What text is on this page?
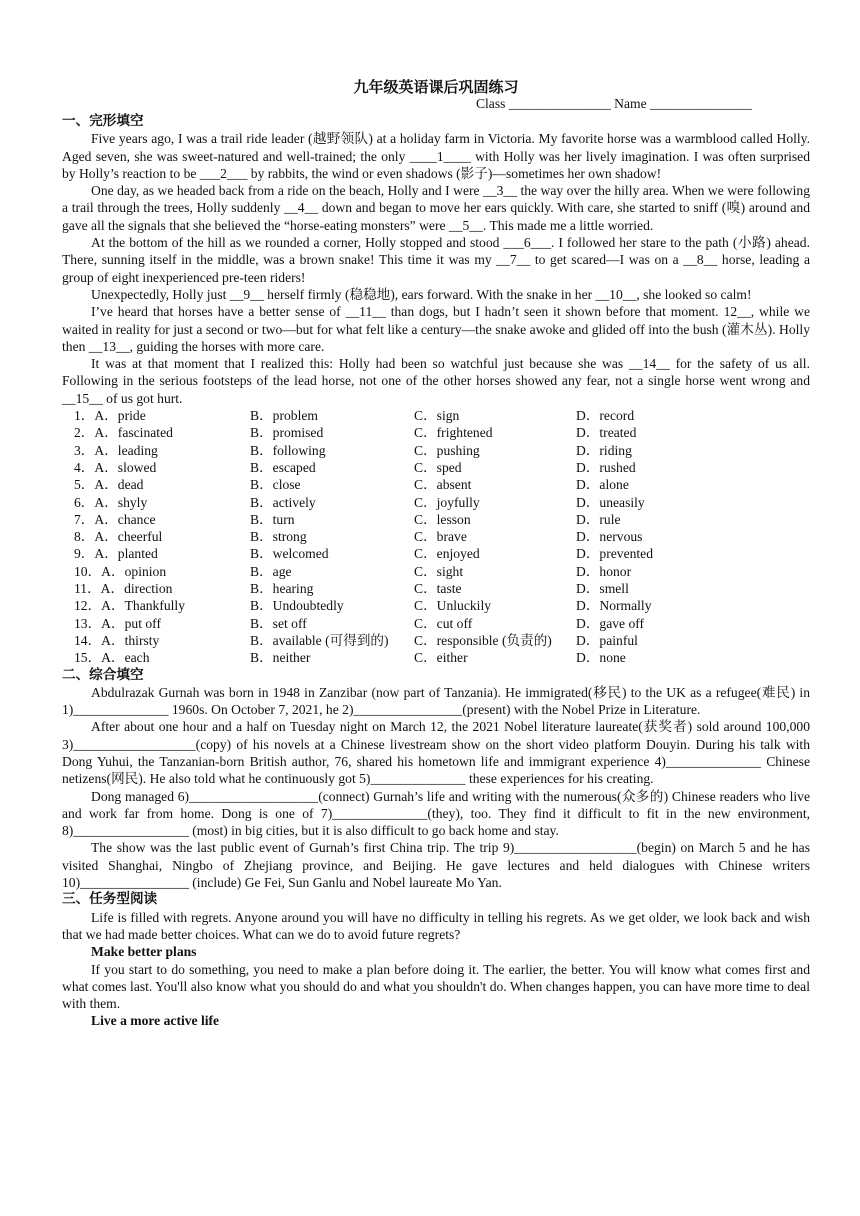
九年级英语课后巩固练习
Class _______________ Name _______________
一、完形填空

Five years ago, I was a trail ride leader (越野领队) at a holiday farm in Victoria. My favorite horse was a warmblood called Holly. Aged seven, she was sweet-natured and well-trained; the only ____1____ with Holly was her lively imagination. I was often surprised by Holly’s reaction to be ___2___ by rabbits, the wind or even shadows (影子)—sometimes her own shadow!

One day, as we headed back from a ride on the beach, Holly and I were __3__ the way over the hilly area. When we were following a trail through the trees, Holly suddenly __4__ down and began to move her ears quickly. With care, she started to sniff (嗅) around and gave all the signals that she believed the “horse-eating monsters” were __5__. This made me a little worried.

At the bottom of the hill as we rounded a corner, Holly stopped and stood ___6___. I followed her stare to the path (小路) ahead. There, sunning itself in the middle, was a brown snake! This time it was my __7__ to get scared—I was on a __8__ horse, leading a group of eight inexperienced pre-teen riders!

Unexpectedly, Holly just __9__ herself firmly (稳稳地), ears forward. With the snake in her __10__, she looked so calm!

I’ve heard that horses have a better sense of __11__ than dogs, but I hadn’t seen it shown before that moment. 12__, while we waited in reality for just a second or two—but for what felt like a century—the snake awoke and glided off into the bush (灌木丛). Holly then __13__, guiding the horses with more care.

It was at that moment that I realized this: Holly had been so watchful just because she was __14__ for the safety of us all. Following in the serious footsteps of the lead horse, not one of the other horses showed any fear, not a single horse went wrong and __15__ of us got hurt.

1．A．pride	B．problem	C．sign	D．record
2．A．fascinated	B．promised	C．frightened	D．treated
3．A．leading	B．following	C．pushing	D．riding
4．A．slowed	B．escaped	C．sped	D．rushed
5．A．dead	B．close	C．absent	D．alone
6．A．shyly	B．actively	C．joyfully	D．uneasily
7．A．chance	B．turn	C．lesson	D．rule
8．A．cheerful	B．strong	C．brave	D．nervous
9．A．planted	B．welcomed	C．enjoyed	D．prevented
10．A．opinion	B．age	C．sight	D．honor
11．A．direction	B．hearing	C．taste	D．smell
12．A．Thankfully	B．Undoubtedly	C．Unluckily	D．Normally
13．A．put off	B．set off	C．cut off	D．gave off
14．A．thirsty	B．available (可得到的)	C．responsible (负责的)	D．painful
15．A．each	B．neither	C．either	D．none
二、综合填空

Abdulrazak Gurnah was born in 1948 in Zanzibar (now part of Tanzania). He immigrated(移民) to the UK as a refugee(难民) in 1)______________ 1960s. On October 7, 2021, he 2)________________(present) with the Nobel Prize in Literature.

After about one hour and a half on Tuesday night on March 12, the 2021 Nobel literature laureate(获奖者) sold around 100,000 3)__________________(copy) of his novels at a Chinese livestream show on the short video platform Douyin. During his talk with Dong Yuhui, the Tanzanian-born British author, 76, shared his hometown life and immigrant experience 4)______________ Chinese netizens(网民). He also told what he continuously got 5)______________ these experiences for his creating.

Dong managed 6)___________________(connect) Gurnah’s life and writing with the numerous(众多的) Chinese readers who live and work far from home. Dong is one of 7)______________(they), too. They find it difficult to fit in the new environment, 8)_________________ (most) in big cities, but it is also difficult to go back home and stay.

The show was the last public event of Gurnah’s first China trip. The trip 9)__________________(begin) on March 5 and he has visited Shanghai, Ningbo of Zhejiang province, and Beijing. He gave lectures and held dialogues with Chinese writers 10)________________ (include) Ge Fei, Sun Ganlu and Nobel laureate Mo Yan.

三、任务型阅读

Life is filled with regrets. Anyone around you will have no difficulty in telling his regrets. As we get older, we look back and wish that we had made better choices. What can we do to avoid future regrets?

Make better plans

If you start to do something, you need to make a plan before doing it. The earlier, the better. You will know what comes first and what comes last. You'll also know what you should do and what you shouldn't do. When changes happen, you can have more time to deal with them.

Live a more active life
